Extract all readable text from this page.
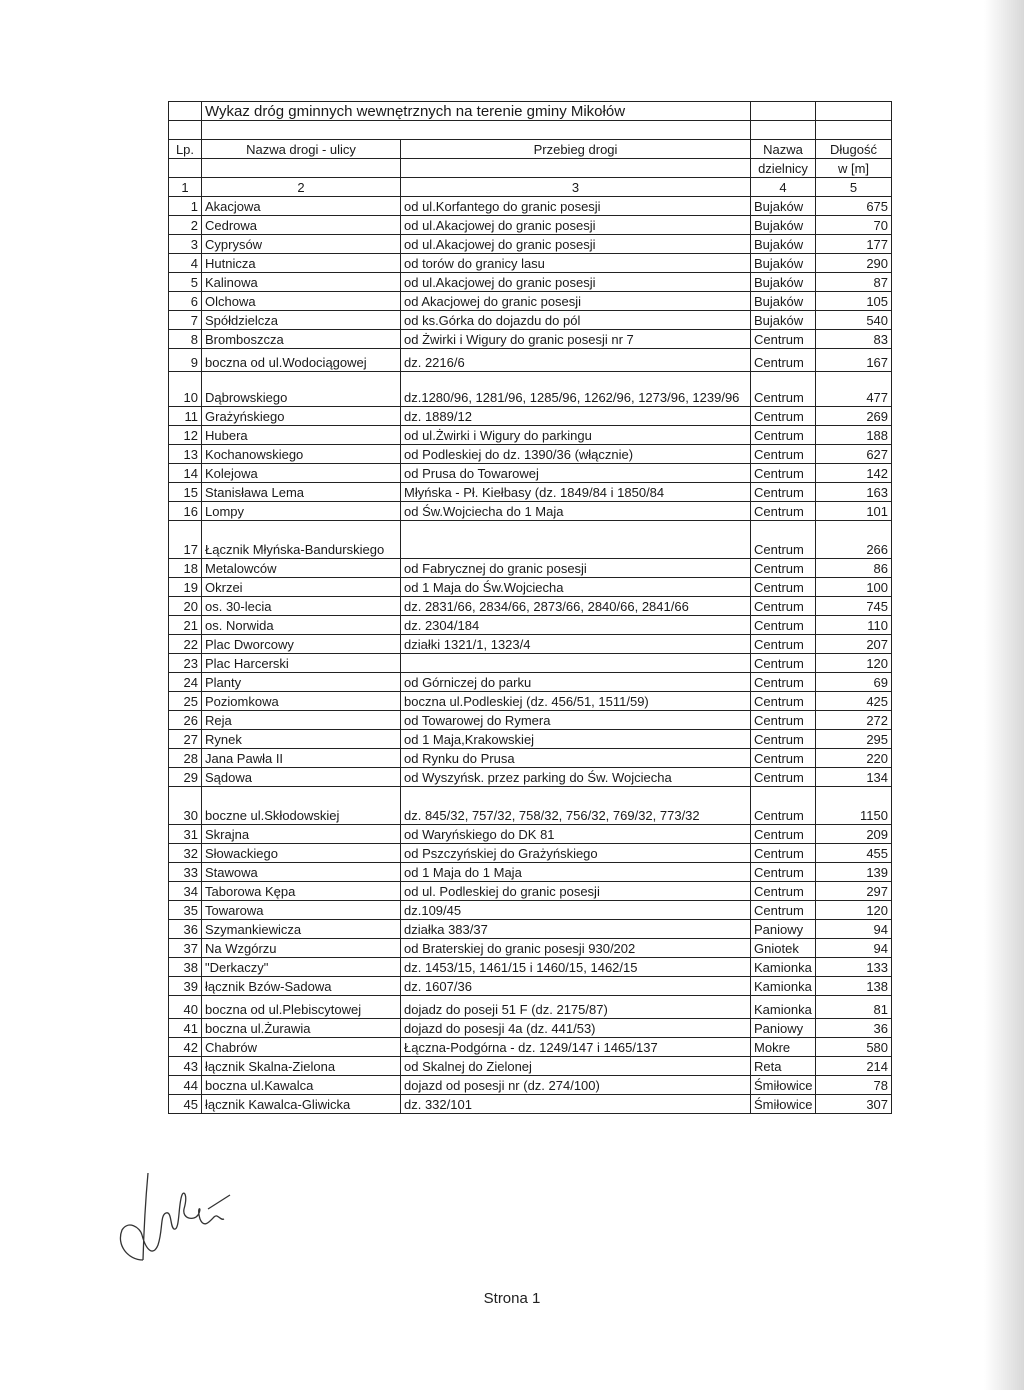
	Wykaz dróg gminnych wewnętrznych na terenie gminy Mikołów			

Lp.	Nazwa drogi - ulicy	Przebieg drogi	Nazwa	Długość
			dzielnicy	w [m]
1	2	3	4	5
1	Akacjowa	od ul.Korfantego do granic posesji	Bujaków	675
2	Cedrowa	od ul.Akacjowej do granic posesji	Bujaków	70
3	Cyprysów	od ul.Akacjowej do granic posesji	Bujaków	177
4	Hutnicza	od torów do granicy lasu	Bujaków	290
5	Kalinowa	od ul.Akacjowej do granic posesji	Bujaków	87
6	Olchowa	od Akacjowej do granic posesji	Bujaków	105
7	Spółdzielcza	od ks.Górka do dojazdu do pól	Bujaków	540
8	Bromboszcza	od Żwirki i Wigury do granic posesji nr 7	Centrum	83
9	boczna od ul.Wodociągowej	dz. 2216/6	Centrum	167
10	Dąbrowskiego	dz.1280/96, 1281/96, 1285/96, 1262/96, 1273/96, 1239/96	Centrum	477
11	Grażyńskiego	dz. 1889/12	Centrum	269
12	Hubera	od ul.Żwirki i Wigury do parkingu	Centrum	188
13	Kochanowskiego	od Podleskiej do dz. 1390/36 (włącznie)	Centrum	627
14	Kolejowa	od Prusa do Towarowej	Centrum	142
15	Stanisława Lema	Młyńska - Pł. Kiełbasy (dz. 1849/84 i 1850/84	Centrum	163
16	Lompy	od Św.Wojciecha do 1 Maja	Centrum	101
17	Łącznik Młyńska-Bandurskiego		Centrum	266
18	Metalowców	od Fabrycznej do granic posesji	Centrum	86
19	Okrzei	od 1 Maja do Św.Wojciecha	Centrum	100
20	os. 30-lecia	dz. 2831/66, 2834/66, 2873/66, 2840/66, 2841/66	Centrum	745
21	os. Norwida	dz. 2304/184	Centrum	110
22	Plac Dworcowy	działki 1321/1, 1323/4	Centrum	207
23	Plac Harcerski		Centrum	120
24	Planty	od Górniczej do parku	Centrum	69
25	Poziomkowa	boczna ul.Podleskiej (dz. 456/51, 1511/59)	Centrum	425
26	Reja	od Towarowej do Rymera	Centrum	272
27	Rynek	od 1 Maja,Krakowskiej	Centrum	295
28	Jana Pawła II	od Rynku do Prusa	Centrum	220
29	Sądowa	od Wyszyńsk. przez parking do Św. Wojciecha	Centrum	134
30	boczne ul.Skłodowskiej	dz. 845/32, 757/32, 758/32, 756/32, 769/32, 773/32	Centrum	1150
31	Skrajna	od Waryńskiego do DK 81	Centrum	209
32	Słowackiego	od Pszczyńskiej do Grażyńskiego	Centrum	455
33	Stawowa	od 1 Maja do 1 Maja	Centrum	139
34	Taborowa Kępa	od ul. Podleskiej do granic posesji	Centrum	297
35	Towarowa	dz.109/45	Centrum	120
36	Szymankiewicza	działka 383/37	Paniowy	94
37	Na Wzgórzu	od Braterskiej do granic posesji 930/202	Gniotek	94
38	"Derkaczy"	dz. 1453/15, 1461/15 i 1460/15, 1462/15	Kamionka	133
39	łącznik Bzów-Sadowa	dz. 1607/36	Kamionka	138
40	boczna od ul.Plebiscytowej	dojadz do poseji 51 F (dz. 2175/87)	Kamionka	81
41	boczna ul.Żurawia	dojazd do posesji 4a (dz. 441/53)	Paniowy	36
42	Chabrów	Łączna-Podgórna - dz. 1249/147 i 1465/137	Mokre	580
43	łącznik Skalna-Zielona	od Skalnej do Zielonej	Reta	214
44	boczna ul.Kawalca	dojazd od posesji nr (dz. 274/100)	Śmiłowice	78
45	łącznik Kawalca-Gliwicka	dz. 332/101	Śmiłowice	307
Strona 1
